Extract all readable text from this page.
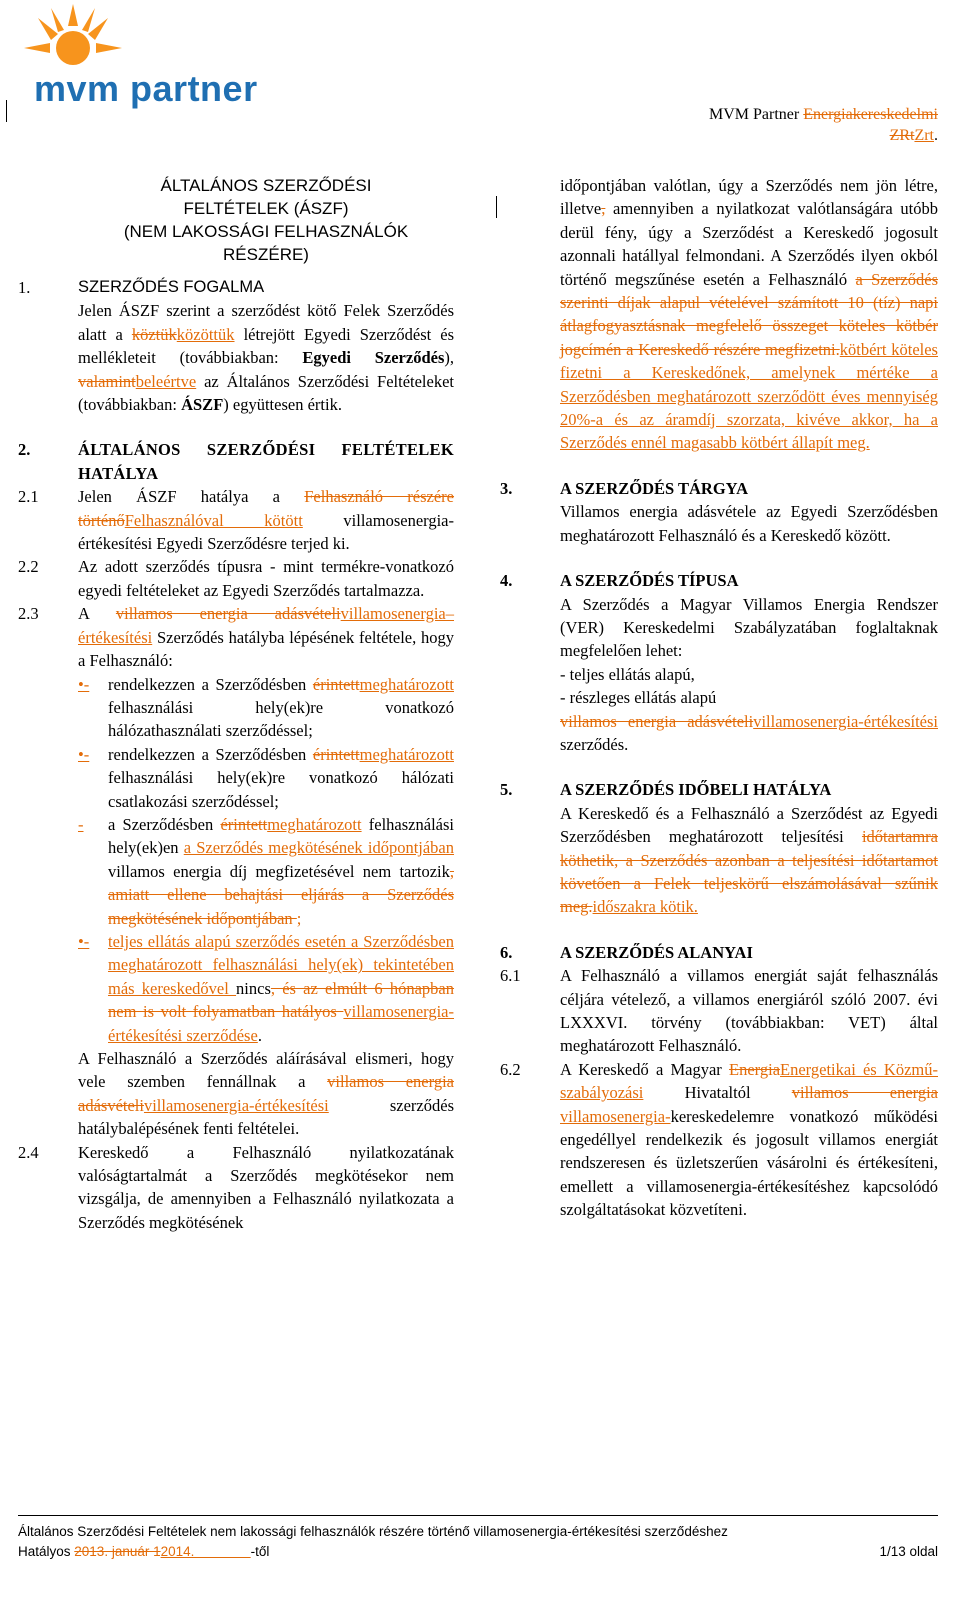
mvm partner
MVM Partner Energiakereskedelmi
ZRtZrt.
ÁLTALÁNOS SZERZŐDÉSI
FELTÉTELEK (ÁSZF)
(NEM LAKOSSÁGI FELHASZNÁLÓK
RÉSZÉRE)
1.	SZERZŐDÉS FOGALMA
Jelen ÁSZF szerint a szerződést kötő Felek Szerződés alatt a köztükközöttük létrejött Egyedi Szerződést és mellékleteit (továbbiakban: Egyedi Szerződés), valamintbeleértve az Általános Szerződési Feltételeket (továbbiakban: ÁSZF) együttesen értik.
2.	ÁLTALÁNOS SZERZŐDÉSI FELTÉTELEK HATÁLYA
2.1	Jelen ÁSZF hatálya a Felhasználó részére történőFelhasználóval kötött villamosenergia-értékesítési Egyedi Szerződésre terjed ki.
2.2	Az adott szerződés típusra - mint termékre-vonatkozó egyedi feltételeket az Egyedi Szerződés tartalmazza.
2.3	A villamos energia adásvételivillamosenergia–értékesítési Szerződés hatályba lépésének feltétele, hogy a Felhasználó:
•-	rendelkezzen a Szerződésben érintettmeghatározott felhasználási hely(ek)re vonatkozó hálózathasználati szerződéssel;
•-	rendelkezzen a Szerződésben érintettmeghatározott felhasználási hely(ek)re vonatkozó hálózati csatlakozási szerződéssel;
-	a Szerződésben érintettmeghatározott felhasználási hely(ek)en a Szerződés megkötésének időpontjában villamos energia díj megfizetésével nem tartozik, amiatt ellene behajtási eljárás a Szerződés megkötésének időpontjában ;
•-	teljes ellátás alapú szerződés esetén a Szerződésben meghatározott felhasználási hely(ek) tekintetében más kereskedővel nincs, és az elmúlt 6 hónapban nem is volt folyamatban hatályos villamosenergia-értékesítési szerződése.
A Felhasználó a Szerződés aláírásával elismeri, hogy vele szemben fennállnak a villamos energia adásvételivillamosenergia-értékesítési szerződés hatálybalépésének fenti feltételei.
2.4	Kereskedő a Felhasználó nyilatkozatának valóságtartalmát a Szerződés megkötésekor nem vizsgálja, de amennyiben a Felhasználó nyilatkozata a Szerződés megkötésének
időpontjában valótlan, úgy a Szerződés nem jön létre, illetve, amennyiben a nyilatkozat valótlanságára utóbb derül fény, úgy a Szerződést a Kereskedő jogosult azonnali hatállyal felmondani. A Szerződés ilyen okból történő megszűnése esetén a Felhasználó a Szerződés szerinti díjak alapul vételével számított 10 (tíz) napi átlagfogyasztásnak megfelelő összeget köteles kötbér jogcímén a Kereskedő részére megfizetni.kötbért köteles fizetni a Kereskedőnek, amelynek mértéke a Szerződésben meghatározott szerződött éves mennyiség 20%-a és az áramdíj szorzata, kivéve akkor, ha a Szerződés ennél magasabb kötbért állapít meg.
3.	A SZERZŐDÉS TÁRGYA
Villamos energia adásvétele az Egyedi Szerződésben meghatározott Felhasználó és a Kereskedő között.
4.	A SZERZŐDÉS TÍPUSA
A Szerződés a Magyar Villamos Energia Rendszer (VER) Kereskedelmi Szabályzatában foglaltaknak megfelelően lehet:
- teljes ellátás alapú,
- részleges ellátás alapú
villamos energia adásvételivillamosenergia-értékesítési szerződés.
5.	A SZERZŐDÉS IDŐBELI HATÁLYA
A Kereskedő és a Felhasználó a Szerződést az Egyedi Szerződésben meghatározott teljesítési időtartamra köthetik, a Szerződés azonban a teljesítési időtartamot követően a Felek teljeskörű elszámolásával szűnik meg.időszakra kötik.
6.	A SZERZŐDÉS ALANYAI
6.1	A Felhasználó a villamos energiát saját felhasználás céljára vételező, a villamos energiáról szóló 2007. évi LXXXVI. törvény (továbbiakban: VET) által meghatározott Felhasználó.
6.2	A Kereskedő a Magyar EnergiaEnergetikai és Közmű-szabályozási Hivataltól villamos energia villamosenergia-kereskedelemre vonatkozó működési engedéllyel rendelkezik és jogosult villamos energiát rendszeresen és üzletszerűen vásárolni és értékesíteni, emellett a villamosenergia-értékesítéshez kapcsolódó szolgáltatásokat közvetíteni.
Általános Szerződési Feltételek nem lakossági felhasználók részére történő villamosenergia-értékesítési szerződéshez
Hatályos 2013. január 12014.               -től	1/13 oldal
